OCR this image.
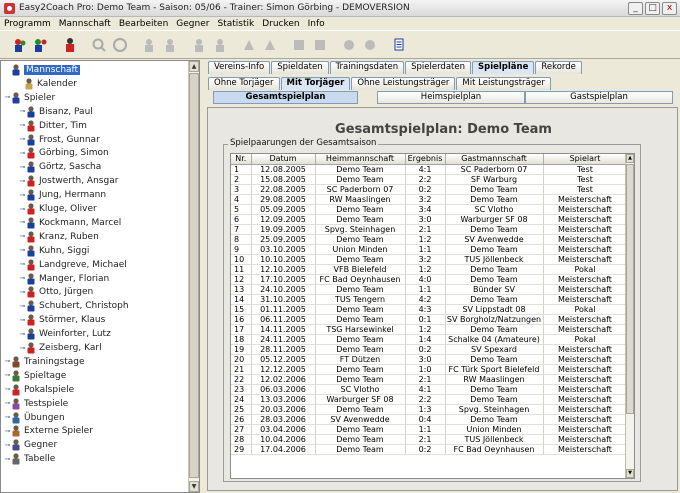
Easy2Coach Pro: Demo Team - Saison: 05/06 - Trainer: Simon Görbing - DEMOVERSION	_	□	x
Programm Mannschaft Bearbeiten Gegner Statistik Drucken Info
Mannschaft
Kalender
⊸ Spieler
⊸ Bisanz, Paul
⊸ Ditter, Tim
⊸ Frost, Gunnar
⊸ Görbing, Simon
⊸ Görtz, Sascha
⊸ Jostwerth, Ansgar
⊸ Jung, Hermann
⊸ Kluge, Oliver
⊸ Kockmann, Marcel
⊸ Kranz, Ruben
⊸ Kuhn, Siggi
⊸ Landgreve, Michael
⊸ Manger, Florian
⊸ Otto, Jürgen
⊸ Schubert, Christoph
⊸ Störmer, Klaus
⊸ Weinforter, Lutz
⊸ Zeisberg, Karl
⊸ Trainingstage
⊸ Spieltage
⊸ Pokalspiele
⊸ Testspiele
⊸ Übungen
⊸ Externe Spieler
⊸ Gegner
⊸ Tabelle
▲
▼
Vereins-Info	Spieldaten	Trainingsdaten	Spielerdaten	Spielpläne	Rekorde
Ohne Torjäger	Mit Torjäger	Ohne Leistungsträger	Mit Leistungsträger
Gesamtspielplan	Heimspielplan	Gastspielplan
Gesamtspielplan: Demo Team
Spielpaarungen der Gesamtsaison
Nr.	Datum	Heimmannschaft	Ergebnis	Gastmannschaft	Spielart
1	12.08.2005	Demo Team	4:1	SC Paderborn 07	Test
2	15.08.2005	Demo Team	2:2	SF Warburg	Test
3	22.08.2005	SC Paderborn 07	0:2	Demo Team	Test
4	29.08.2005	RW Maaslingen	3:2	Demo Team	Meisterschaft
5	05.09.2005	Demo Team	3:4	SC Vlotho	Meisterschaft
6	12.09.2005	Demo Team	3:0	Warburger SF 08	Meisterschaft
7	19.09.2005	Spvg. Steinhagen	2:1	Demo Team	Meisterschaft
8	25.09.2005	Demo Team	1:2	SV Avenwedde	Meisterschaft
9	03.10.2005	Union Minden	1:1	Demo Team	Meisterschaft
10	10.10.2005	Demo Team	3:2	TUS Jöllenbeck	Meisterschaft
11	12.10.2005	VFB Bielefeld	1:2	Demo Team	Pokal
12	17.10.2005	FC Bad Oeynhausen	4:0	Demo Team	Meisterschaft
13	24.10.2005	Demo Team	1:1	Bünder SV	Meisterschaft
14	31.10.2005	TUS Tengern	4:2	Demo Team	Meisterschaft
15	01.11.2005	Demo Team	4:3	SV Lippstadt 08	Pokal
16	06.11.2005	Demo Team	0:1	SV Borgholz/Natzungen	Meisterschaft
17	14.11.2005	TSG Harsewinkel	1:2	Demo Team	Meisterschaft
18	24.11.2005	Demo Team	1:4	Schalke 04 (Amateure)	Pokal
19	28.11.2005	Demo Team	0:2	SV Spexard	Meisterschaft
20	05.12.2005	FT Dützen	3:0	Demo Team	Meisterschaft
21	12.12.2005	Demo Team	1:0	FC Türk Sport Bielefeld	Meisterschaft
22	12.02.2006	Demo Team	2:1	RW Maaslingen	Meisterschaft
23	06.03.2006	SC Vlotho	4:1	Demo Team	Meisterschaft
24	13.03.2006	Warburger SF 08	2:2	Demo Team	Meisterschaft
25	20.03.2006	Demo Team	1:3	Spvg. Steinhagen	Meisterschaft
26	28.03.2006	SV Avenwedde	0:4	Demo Team	Meisterschaft
27	03.04.2006	Demo Team	1:1	Union Minden	Meisterschaft
28	10.04.2006	Demo Team	2:1	TUS Jöllenbeck	Meisterschaft
29	17.04.2006	Demo Team	0:2	FC Bad Oeynhausen	Meisterschaft
▲
▼
